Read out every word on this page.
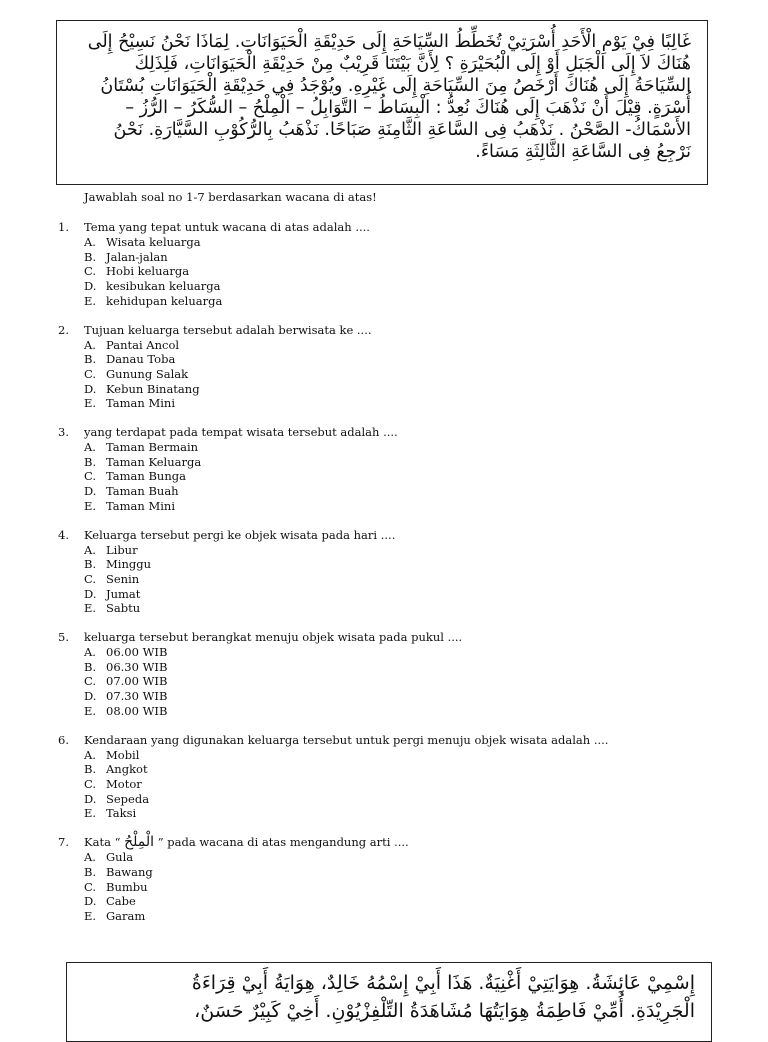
غَالِبًا فِيْ يَوْمِ الْأَحَدِ أُسْرَتِيْ تُخَطِّطُ السِّيَاحَةِ إِلَى حَدِيْقَةِ الْحَيَوَانَاتِ. لِمَاذَا نَحْنُ نَسِيْحُ إِلَى
هُنَاكَ لاَ إِلَى الْجَبَلِ أَوْ إِلَى الْبُحَيْرَةِ ؟ لِأَنَّ بَيْتَنَا قَرِيْبٌ مِنْ حَدِيْقَةِ الْحَيَوَانَاتِ، فَلِذَلِكَ
السِّيَاحَةُ إِلَى هُنَاكَ أَرْخَصُ مِنَ السِّيَاحَةِ إِلَى غَيْرِهِ. ويُوْجَدُ فِي حَدِيْقَةِ الْحَيَوَانَاتِ بُسْتَانُ
أُسْرَةٍ. قِيْلَ أَنْ نَذْهَبَ إِلَى هُنَاكَ نُعِدُّ : الْبِسَاطُ – التَّوَابِلُ – الْمِلْحُ – السُّكَرُ – الرُّزُ –
الأَسْمَاكُ- الصَّحْنُ . نَذْهَبُ فِى السَّاعَةِ الثَّامِنَةِ صَبَاحًا. نَذْهَبُ بِالرُّكُوْبِ السَّيَّارَةِ. نَحْنُ
نَرْجِعُ فِى السَّاعَةِ الثَّالِثَةِ مَسَاءً.
Jawablah soal no 1-7 berdasarkan wacana di atas!
1.	Tema yang tepat untuk wacana di atas adalah ....
A. Wisata keluarga
B. Jalan-jalan
C. Hobi keluarga
D. kesibukan keluarga
E. kehidupan keluarga
2.	Tujuan keluarga tersebut adalah berwisata ke ....
A. Pantai Ancol
B. Danau Toba
C. Gunung Salak
D. Kebun Binatang
E. Taman Mini
3.	yang terdapat pada tempat wisata tersebut adalah ....
A. Taman Bermain
B. Taman Keluarga
C. Taman Bunga
D. Taman Buah
E. Taman Mini
4.	Keluarga tersebut pergi ke objek wisata pada hari ....
A. Libur
B. Minggu
C. Senin
D. Jumat
E. Sabtu
5.	keluarga tersebut berangkat menuju objek wisata pada pukul ....
A. 06.00 WIB
B. 06.30 WIB
C. 07.00 WIB
D. 07.30 WIB
E. 08.00 WIB
6.	Kendaraan yang digunakan keluarga tersebut untuk pergi menuju objek wisata adalah ....
A. Mobil
B. Angkot
C. Motor
D. Sepeda
E. Taksi
7.	Kata “ الْمِلْحُ ” pada wacana di atas mengandung arti ....
A. Gula
B. Bawang
C. Bumbu
D. Cabe
E. Garam
إِسْمِيْ عَائِشَةُ. هِوَايَتِيْ أَغْنِيَةٌ. هَذَا أَبِيْ إِسْمُهُ خَالِدٌ، هِوَايَةُ أَبِيْ قِرَاءَةُ
الْجَرِيْدَةِ. أُمِّيْ فَاطِمَةُ هِوَايَتُهَا مُشَاهَدَةُ التِّلْفِزْيُوْنِ. أَخِيْ كَبِيْرٌ حَسَنٌ،
